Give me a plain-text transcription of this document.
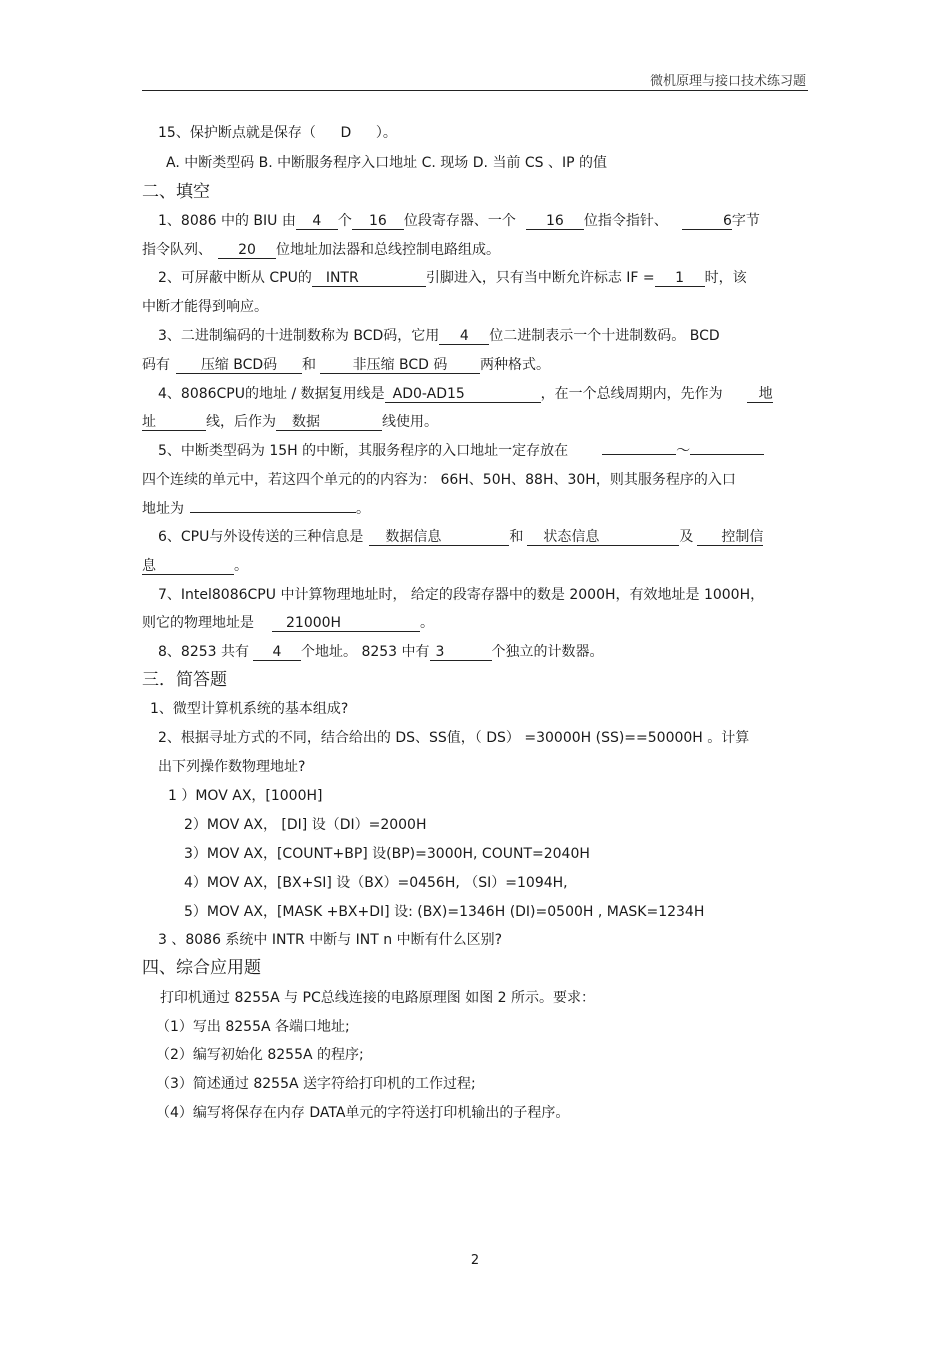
微机原理与接口技术练习题
15、保护断点就是保存（ D ）。
A. 中断类型码 B. 中断服务程序入口地址 C. 现场 D. 当前 CS 、IP 的值
二、填空
1、8086 中的 BIU 由 4 个 16 位段寄存器、一个 16 位指令指针、	6字节
指令队列、 20 位地址加法器和总线控制电路组成。
2、可屏蔽中断从 CPU的 INTR	引脚进入，只有当中断允许标志 IF = 1 时，该
中断才能得到响应。
3、二进制编码的十进制数称为 BCD码，它用 4 位二进制表示一个十进制数码。 BCD
码有 压缩 BCD码 和	非压缩 BCD 码 两种格式。
4、8086CPU的地址 / 数据复用线是 AD0-AD15	，在一个总线周期内，先作为	地
址	线，后作为 数据	线使用。
5、中断类型码为 15H 的中断，其服务程序的入口地址一定存放在	～
四个连续的单元中，若这四个单元的的内容为： 66H、50H、88H、30H，则其服务程序的入口
地址为	。
6、CPU与外设传送的三种信息是 数据信息	和 状态信息	及 控制信
息	。
7、Intel8086CPU 中计算物理地址时， 给定的段寄存器中的数是 2000H，有效地址是 1000H，
则它的物理地址是 21000H	。
8、8253 共有 4 个地址。 8253 中有 3	个独立的计数器。
三．简答题
1、微型计算机系统的基本组成?
2、根据寻址方式的不同，结合给出的 DS、SS值，（ DS） =30000H (SS)==50000H 。计算
出下列操作数物理地址?
1 ）MOV AX，[1000H]
2）MOV AX， [DI] 设（DI）=2000H
3）MOV AX，[COUNT+BP] 设(BP)=3000H, COUNT=2040H
4）MOV AX，[BX+SI] 设（BX）=0456H, （SI）=1094H,
5）MOV AX，[MASK +BX+DI] 设: (BX)=1346H (DI)=0500H , MASK=1234H
3 、8086 系统中 INTR 中断与 INT n 中断有什么区别?
四、综合应用题
打印机通过 8255A 与 PC总线连接的电路原理图 如图 2 所示。要求：
（1）写出 8255A 各端口地址;
（2）编写初始化 8255A 的程序;
（3）简述通过 8255A 送字符给打印机的工作过程;
（4）编写将保存在内存 DATA单元的字符送打印机输出的子程序。
2
